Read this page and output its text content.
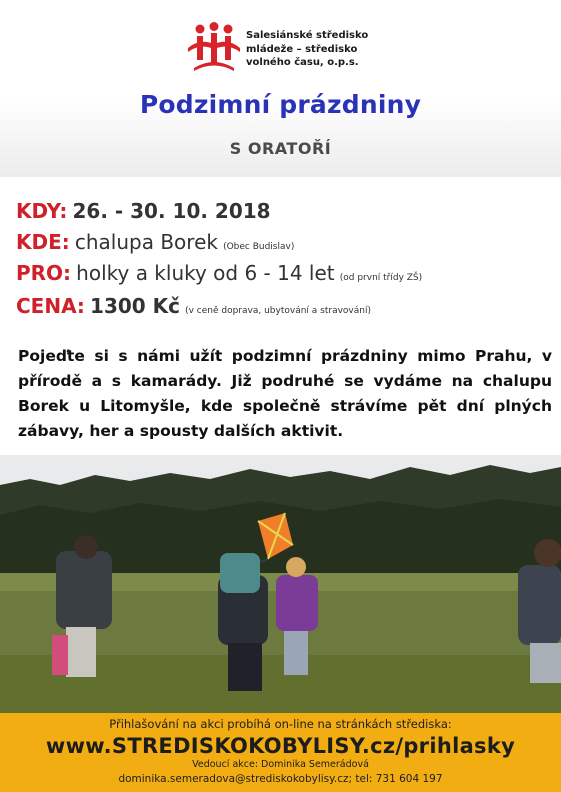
Salesiánské středisko
mládeže – středisko
volného času, o.p.s.
Podzimní prázdniny
S ORATOŘÍ
KDY: 26. - 30. 10. 2018
KDE: chalupa Borek (Obec Budislav)
PRO: holky a kluky od 6 - 14 let (od první třídy ZŠ)
CENA: 1300 Kč (v ceně doprava, ubytování a stravování)
Pojeďte si s námi užít podzimní prázdniny mimo Prahu, v přírodě a s kamarády. Již podruhé se vydáme na chalupu Borek u Litomyšle, kde společně strávíme pět dní plných zábavy, her a spousty dalších aktivit.
Přihlašování na akci probíhá on-line na stránkách střediska:
www.STREDISKOKOBYLISY.cz/prihlasky
Vedoucí akce: Dominika Semerádová
dominika.semeradova@strediskokobylisy.cz; tel: 731 604 197
